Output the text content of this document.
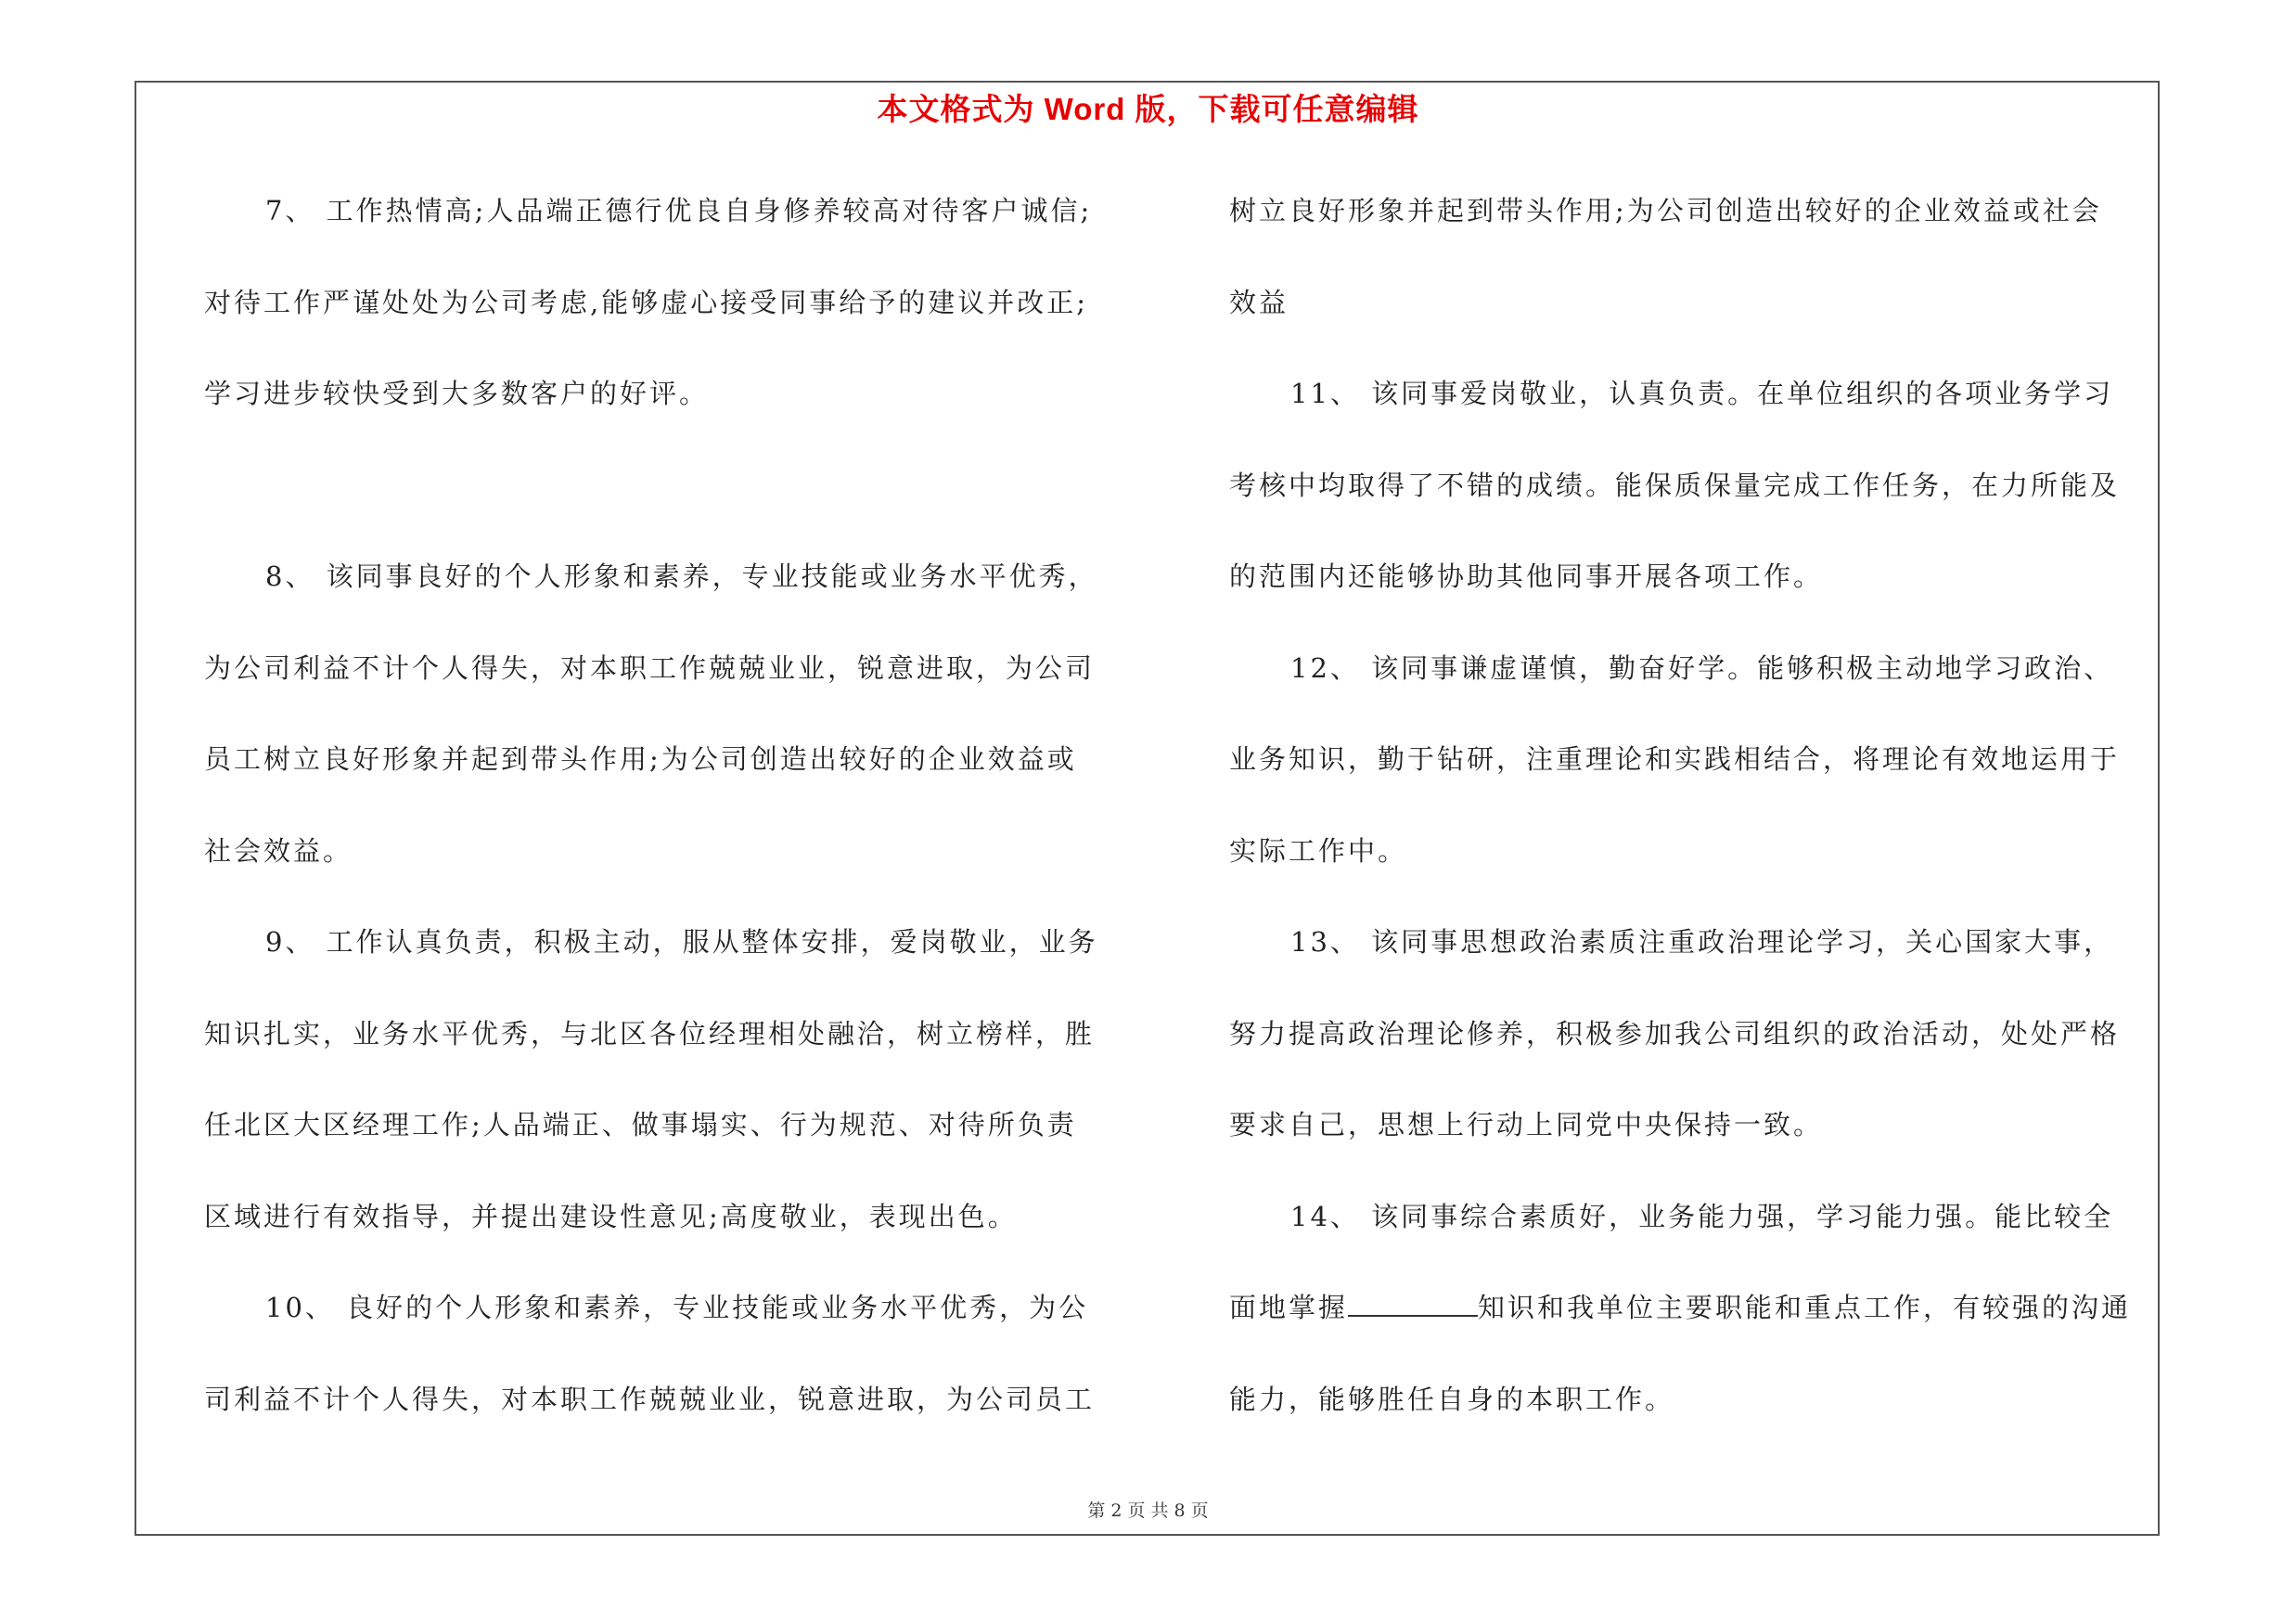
本文格式为 Word 版，下载可任意编辑
7、 工作热情高;人品端正德行优良自身修养较高对待客户诚信;
对待工作严谨处处为公司考虑,能够虚心接受同事给予的建议并改正;
学习进步较快受到大多数客户的好评。
8、 该同事良好的个人形象和素养，专业技能或业务水平优秀，
为公司利益不计个人得失，对本职工作兢兢业业，锐意进取，为公司
员工树立良好形象并起到带头作用;为公司创造出较好的企业效益或
社会效益。
9、 工作认真负责，积极主动，服从整体安排，爱岗敬业，业务
知识扎实，业务水平优秀，与北区各位经理相处融洽，树立榜样，胜
任北区大区经理工作;人品端正、做事塌实、行为规范、对待所负责
区域进行有效指导，并提出建设性意见;高度敬业，表现出色。
10、 良好的个人形象和素养，专业技能或业务水平优秀，为公
司利益不计个人得失，对本职工作兢兢业业，锐意进取，为公司员工
树立良好形象并起到带头作用;为公司创造出较好的企业效益或社会
效益
11、 该同事爱岗敬业，认真负责。在单位组织的各项业务学习
考核中均取得了不错的成绩。能保质保量完成工作任务，在力所能及
的范围内还能够协助其他同事开展各项工作。
12、 该同事谦虚谨慎，勤奋好学。能够积极主动地学习政治、
业务知识，勤于钻研，注重理论和实践相结合，将理论有效地运用于
实际工作中。
13、 该同事思想政治素质注重政治理论学习，关心国家大事，
努力提高政治理论修养，积极参加我公司组织的政治活动，处处严格
要求自己，思想上行动上同党中央保持一致。
14、 该同事综合素质好，业务能力强，学习能力强。能比较全
面地掌握	知识和我单位主要职能和重点工作，有较强的沟通
能力，能够胜任自身的本职工作。
第 2 页 共 8 页
